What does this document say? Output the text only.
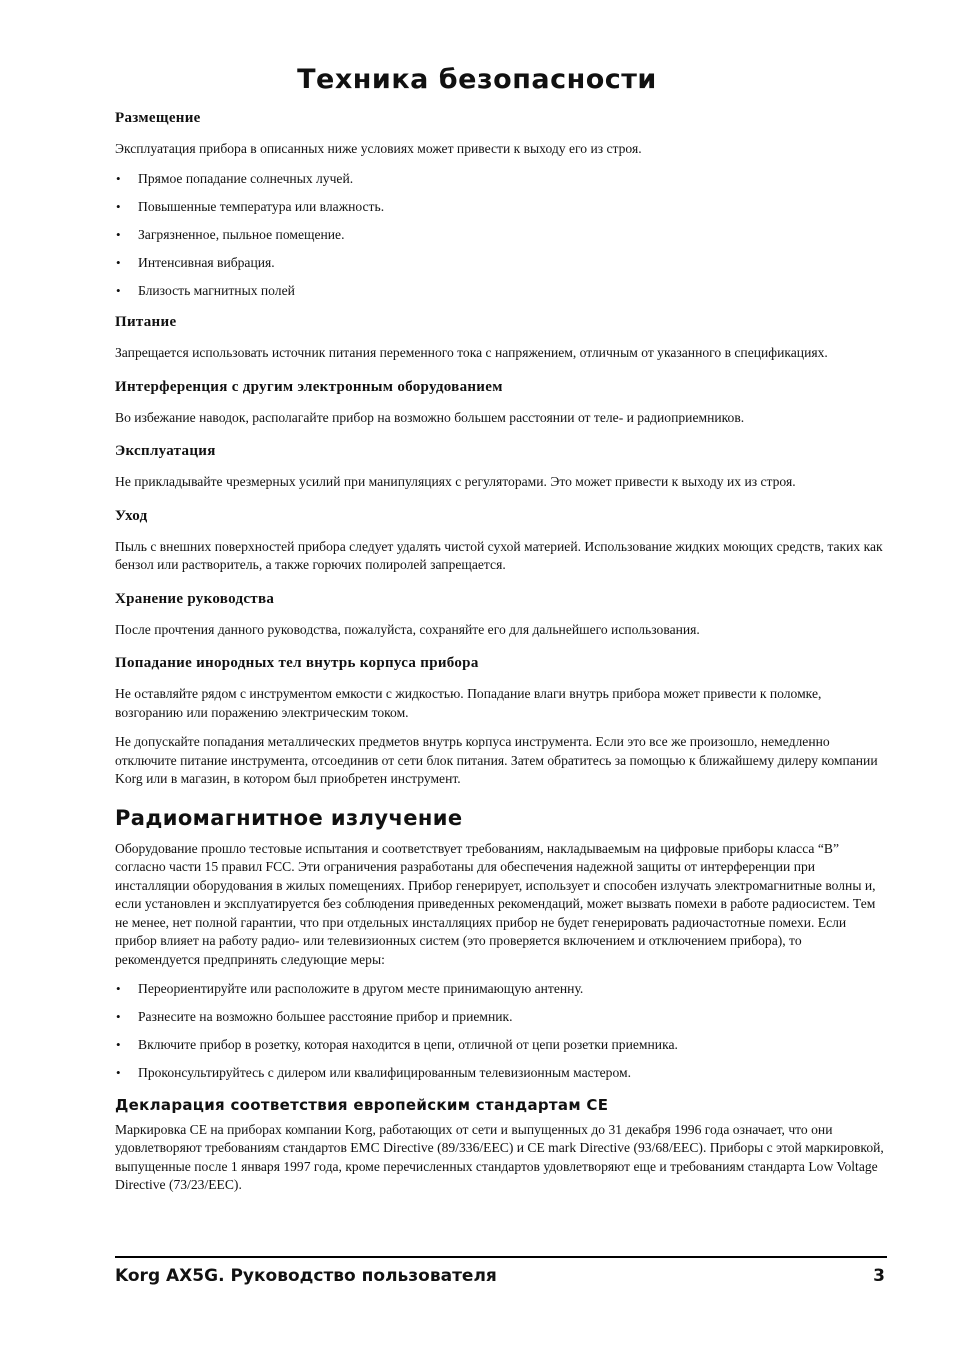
Техника безопасности
Размещение

Эксплуатация прибора в описанных ниже условиях может привести к выходу его из строя.

• Прямое попадание солнечных лучей.
• Повышенные температура или влажность.
• Загрязненное, пыльное помещение.
• Интенсивная вибрация.
• Близость магнитных полей
Питание

Запрещается использовать источник питания переменного тока с напряжением, отличным от указанного в спецификациях.

Интерференция с другим электронным оборудованием

Во избежание наводок, располагайте прибор на возможно большем расстоянии от теле- и радиоприемников.

Эксплуатация

Не прикладывайте чрезмерных усилий при манипуляциях с регуляторами. Это может привести к выходу их из строя.

Уход

Пыль с внешних поверхностей прибора следует удалять чистой сухой материей. Использование жидких моющих средств, таких как бензол или растворитель, а также горючих полиролей запрещается.

Хранение руководства

После прочтения данного руководства, пожалуйста, сохраняйте его для дальнейшего использования.

Попадание инородных тел внутрь корпуса прибора

Не оставляйте рядом с инструментом емкости с жидкостью. Попадание влаги внутрь прибора может привести к поломке, возгоранию или поражению электрическим током.

Не допускайте попадания металлических предметов внутрь корпуса инструмента. Если это все же произошло, немедленно отключите питание инструмента, отсоединив от сети блок питания. Затем обратитесь за помощью к ближайшему дилеру компании Korg или в магазин, в котором был приобретен инструмент.

Радиомагнитное излучение

Оборудование прошло тестовые испытания и соответствует требованиям, накладываемым на цифровые приборы класса “B” согласно части 15 правил FCC. Эти ограничения разработаны для обеспечения надежной защиты от интерференции при инсталляции оборудования в жилых помещениях. Прибор генерирует, использует и способен излучать электромагнитные волны и, если установлен и эксплуатируется без соблюдения приведенных рекомендаций, может вызвать помехи в работе радиосистем. Тем не менее, нет полной гарантии, что при отдельных инсталляциях прибор не будет генерировать радиочастотные помехи. Если прибор влияет на работу радио- или телевизионных систем (это проверяется включением и отключением прибора), то рекомендуется предпринять следующие меры:

• Переориентируйте или расположите в другом месте принимающую антенну.
• Разнесите на возможно большее расстояние прибор и приемник.
• Включите прибор в розетку, которая находится в цепи, отличной от цепи розетки приемника.
• Проконсультируйтесь с дилером или квалифицированным телевизионным мастером.
Декларация соответствия европейским стандартам CE

Маркировка CE на приборах компании Korg, работающих от сети и выпущенных до 31 декабря 1996 года означает, что они удовлетворяют требованиям стандартов EMC Directive (89/336/EEC) и CE mark Directive (93/68/EEC). Приборы с этой маркировкой, выпущенные после 1 января 1997 года, кроме перечисленных стандартов удовлетворяют еще и требованиям стандарта Low Voltage Directive (73/23/EEC).

Korg AX5G. Руководство пользователя	3
